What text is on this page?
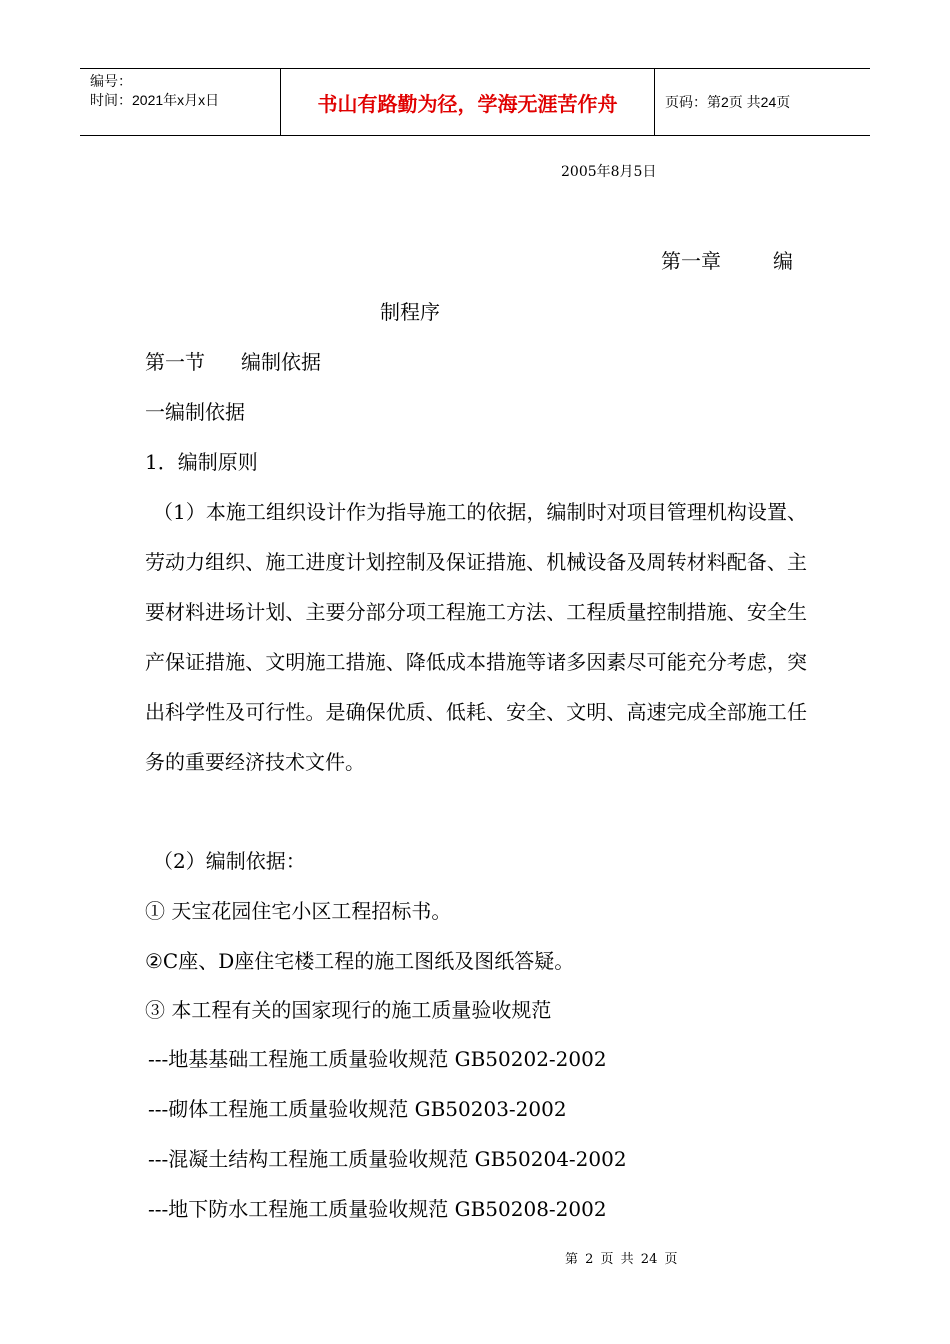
编号：
时间：2021年x月x日	书山有路勤为径，学海无涯苦作舟	页码：第2页 共24页
2005年8月5日
第一章	编
制程序
第一节 编制依据
一编制依据
1．编制原则
（1）本施工组织设计作为指导施工的依据，编制时对项目管理机构设置、劳动力组织、施工进度计划控制及保证措施、机械设备及周转材料配备、主要材料进场计划、主要分部分项工程施工方法、工程质量控制措施、安全生产保证措施、文明施工措施、降低成本措施等诸多因素尽可能充分考虑，突出科学性及可行性。是确保优质、低耗、安全、文明、高速完成全部施工任务的重要经济技术文件。
（2）编制依据：
① 天宝花园住宅小区工程招标书。
②C座、D座住宅楼工程的施工图纸及图纸答疑。
③ 本工程有关的国家现行的施工质量验收规范
---地基基础工程施工质量验收规范 GB50202-2002
---砌体工程施工质量验收规范 GB50203-2002
---混凝土结构工程施工质量验收规范 GB50204-2002
---地下防水工程施工质量验收规范 GB50208-2002
第 2 页 共 24 页
